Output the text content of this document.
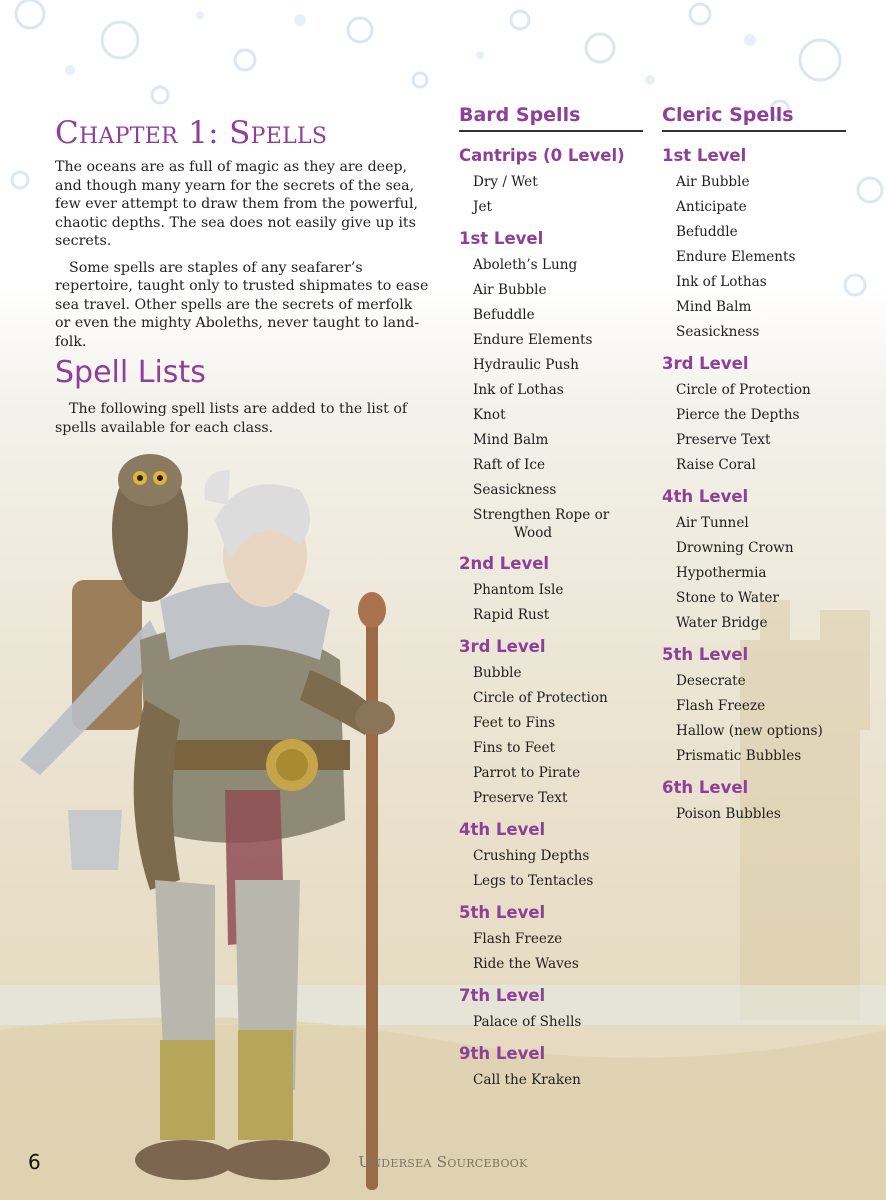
Chapter 1: Spells

The oceans are as full of magic as they are deep, and though many yearn for the secrets of the sea, few ever attempt to draw them from the powerful, chaotic depths. The sea does not easily give up its secrets.

Some spells are staples of any seafarer’s repertoire, taught only to trusted shipmates to ease sea travel. Other spells are the secrets of merfolk or even the mighty Aboleths, never taught to land-folk.

Spell Lists

The following spell lists are added to the list of spells available for each class.

Bard Spells
Cantrips (0 Level)
Dry / Wet
Jet
1st Level
Aboleth’s Lung
Air Bubble
Befuddle
Endure Elements
Hydraulic Push
Ink of Lothas
Knot
Mind Balm
Raft of Ice
Seasickness
Strengthen Rope or Wood
2nd Level
Phantom Isle
Rapid Rust
3rd Level
Bubble
Circle of Protection
Feet to Fins
Fins to Feet
Parrot to Pirate
Preserve Text
4th Level
Crushing Depths
Legs to Tentacles
5th Level
Flash Freeze
Ride the Waves
7th Level
Palace of Shells
9th Level
Call the Kraken
Cleric Spells
1st Level
Air Bubble
Anticipate
Befuddle
Endure Elements
Ink of Lothas
Mind Balm
Seasickness
3rd Level
Circle of Protection
Pierce the Depths
Preserve Text
Raise Coral
4th Level
Air Tunnel
Drowning Crown
Hypothermia
Stone to Water
Water Bridge
5th Level
Desecrate
Flash Freeze
Hallow (new options)
Prismatic Bubbles
6th Level
Poison Bubbles
6	Undersea Sourcebook
